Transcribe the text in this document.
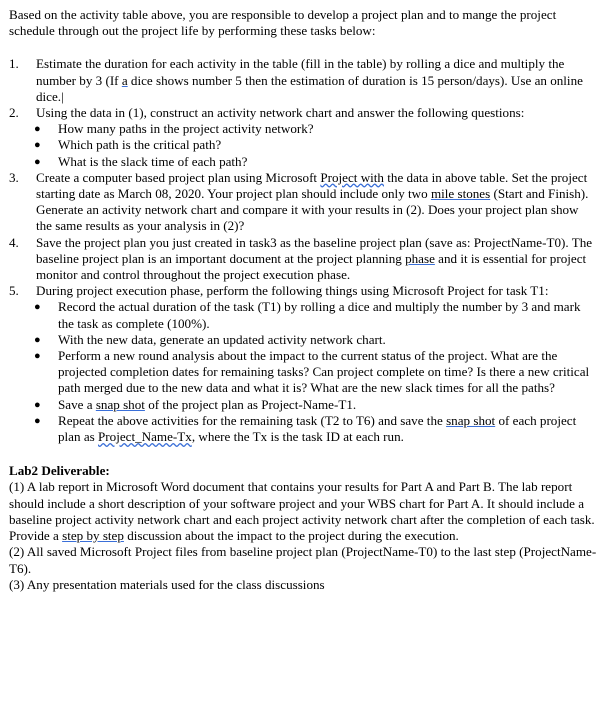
Based on the activity table above, you are responsible to develop a project plan and to mange the project schedule through out the project life by performing these tasks below:

1. Estimate the duration for each activity in the table (fill in the table) by rolling a dice and multiply the number by 3 (If a dice shows number 5 then the estimation of duration is 15 person/days). Use an online dice.|
2. Using the data in (1), construct an activity network chart and answer the following questions:
● How many paths in the project activity network?
● Which path is the critical path?
● What is the slack time of each path?
3. Create a computer based project plan using Microsoft Project with the data in above table. Set the project starting date as March 08, 2020. Your project plan should include only two mile stones (Start and Finish). Generate an activity network chart and compare it with your results in (2). Does your project plan show the same results as your analysis in (2)?
4. Save the project plan you just created in task3 as the baseline project plan (save as: ProjectName-T0). The baseline project plan is an important document at the project planning phase and it is essential for project monitor and control throughout the project execution phase.
5. During project execution phase, perform the following things using Microsoft Project for task T1:
● Record the actual duration of the task (T1) by rolling a dice and multiply the number by 3 and mark the task as complete (100%).
● With the new data, generate an updated activity network chart.
● Perform a new round analysis about the impact to the current status of the project. What are the projected completion dates for remaining tasks? Can project complete on time? Is there a new critical path merged due to the new data and what it is? What are the new slack times for all the paths?
● Save a snap shot of the project plan as Project-Name-T1.
● Repeat the above activities for the remaining task (T2 to T6) and save the snap shot of each project plan as Project_Name-Tx, where the Tx is the task ID at each run.

Lab2 Deliverable:

(1) A lab report in Microsoft Word document that contains your results for Part A and Part B. The lab report should include a short description of your software project and your WBS chart for Part A. It should include a baseline project activity network chart and each project activity network chart after the completion of each task. Provide a step by step discussion about the impact to the project during the execution.

(2) All saved Microsoft Project files from baseline project plan (ProjectName-T0) to the last step (ProjectName-T6).

(3) Any presentation materials used for the class discussions
